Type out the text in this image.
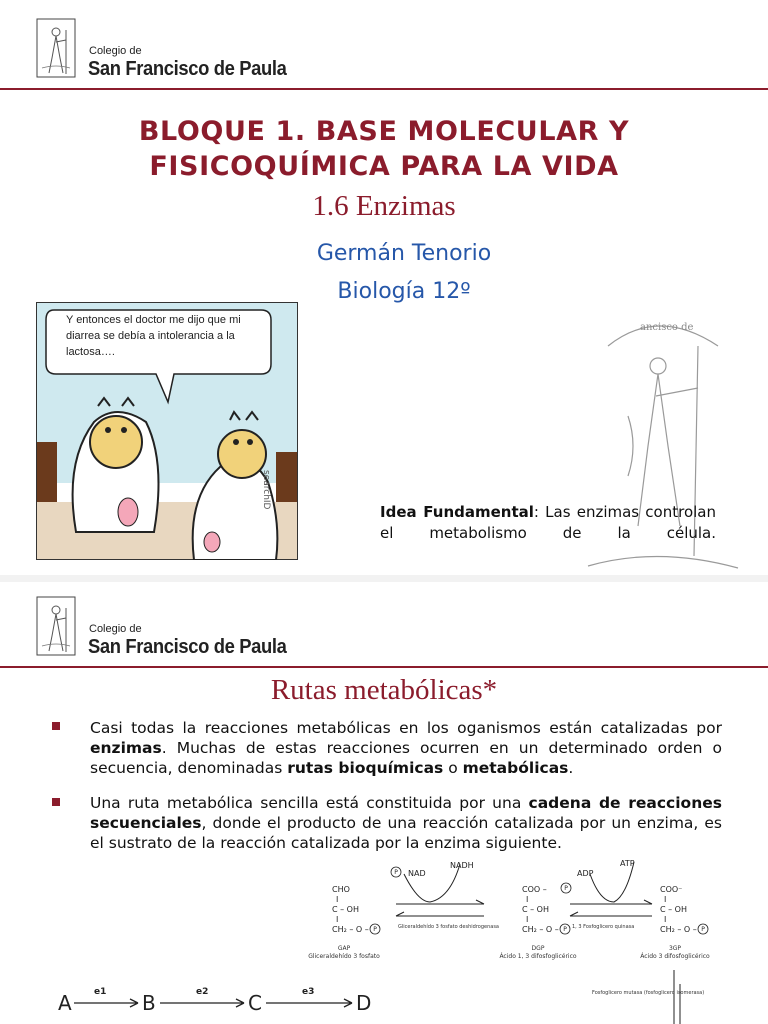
Colegio de
San Francisco de Paula
BLOQUE 1. BASE MOLECULAR Y
FISICOQUÍMICA PARA LA VIDA
1.6 Enzimas
Germán Tenorio
Biología 12º
searchID
Y entonces el doctor me dijo que mi diarrea se debía a intolerancia a la lactosa….
ancisco de
Idea Fundamental: Las enzimas controlan el metabolismo de la célula.
Colegio de
San Francisco de Paula
Rutas metabólicas*
Casi todas la reacciones metabólicas en los oganismos están catalizadas por enzimas. Muchas de estas reacciones ocurren en un determinado orden o secuencia, denominadas rutas bioquímicas o metabólicas.
Una ruta metabólica sencilla está constituida por una cadena de reacciones secuenciales, donde el producto de una reacción catalizada por un enzima, es el sustrato de la reacción catalizada por la enzima siguiente.
CHO
I
C – OH
I
CH₂ – O –
COO –
I
C – OH
I
CH₂ – O –
COO⁻
I
C – OH
I
CH₂ – O –
P	P	P
P
P NAD
NADH
ADP
ATP
Gliceraldehído 3 fosfato deshidrogenasa	1, 3 Fosfoglicero quinasa
GAP
Gliceraldehído 3 fosfato
DGP
Ácido 1, 3 difosfoglicérico
3GP
Ácido 3 difosfoglicérico
Fosfoglicero mutasa (fosfoglicero isomerasa)
A	B	C	D
e1	e2	e3
